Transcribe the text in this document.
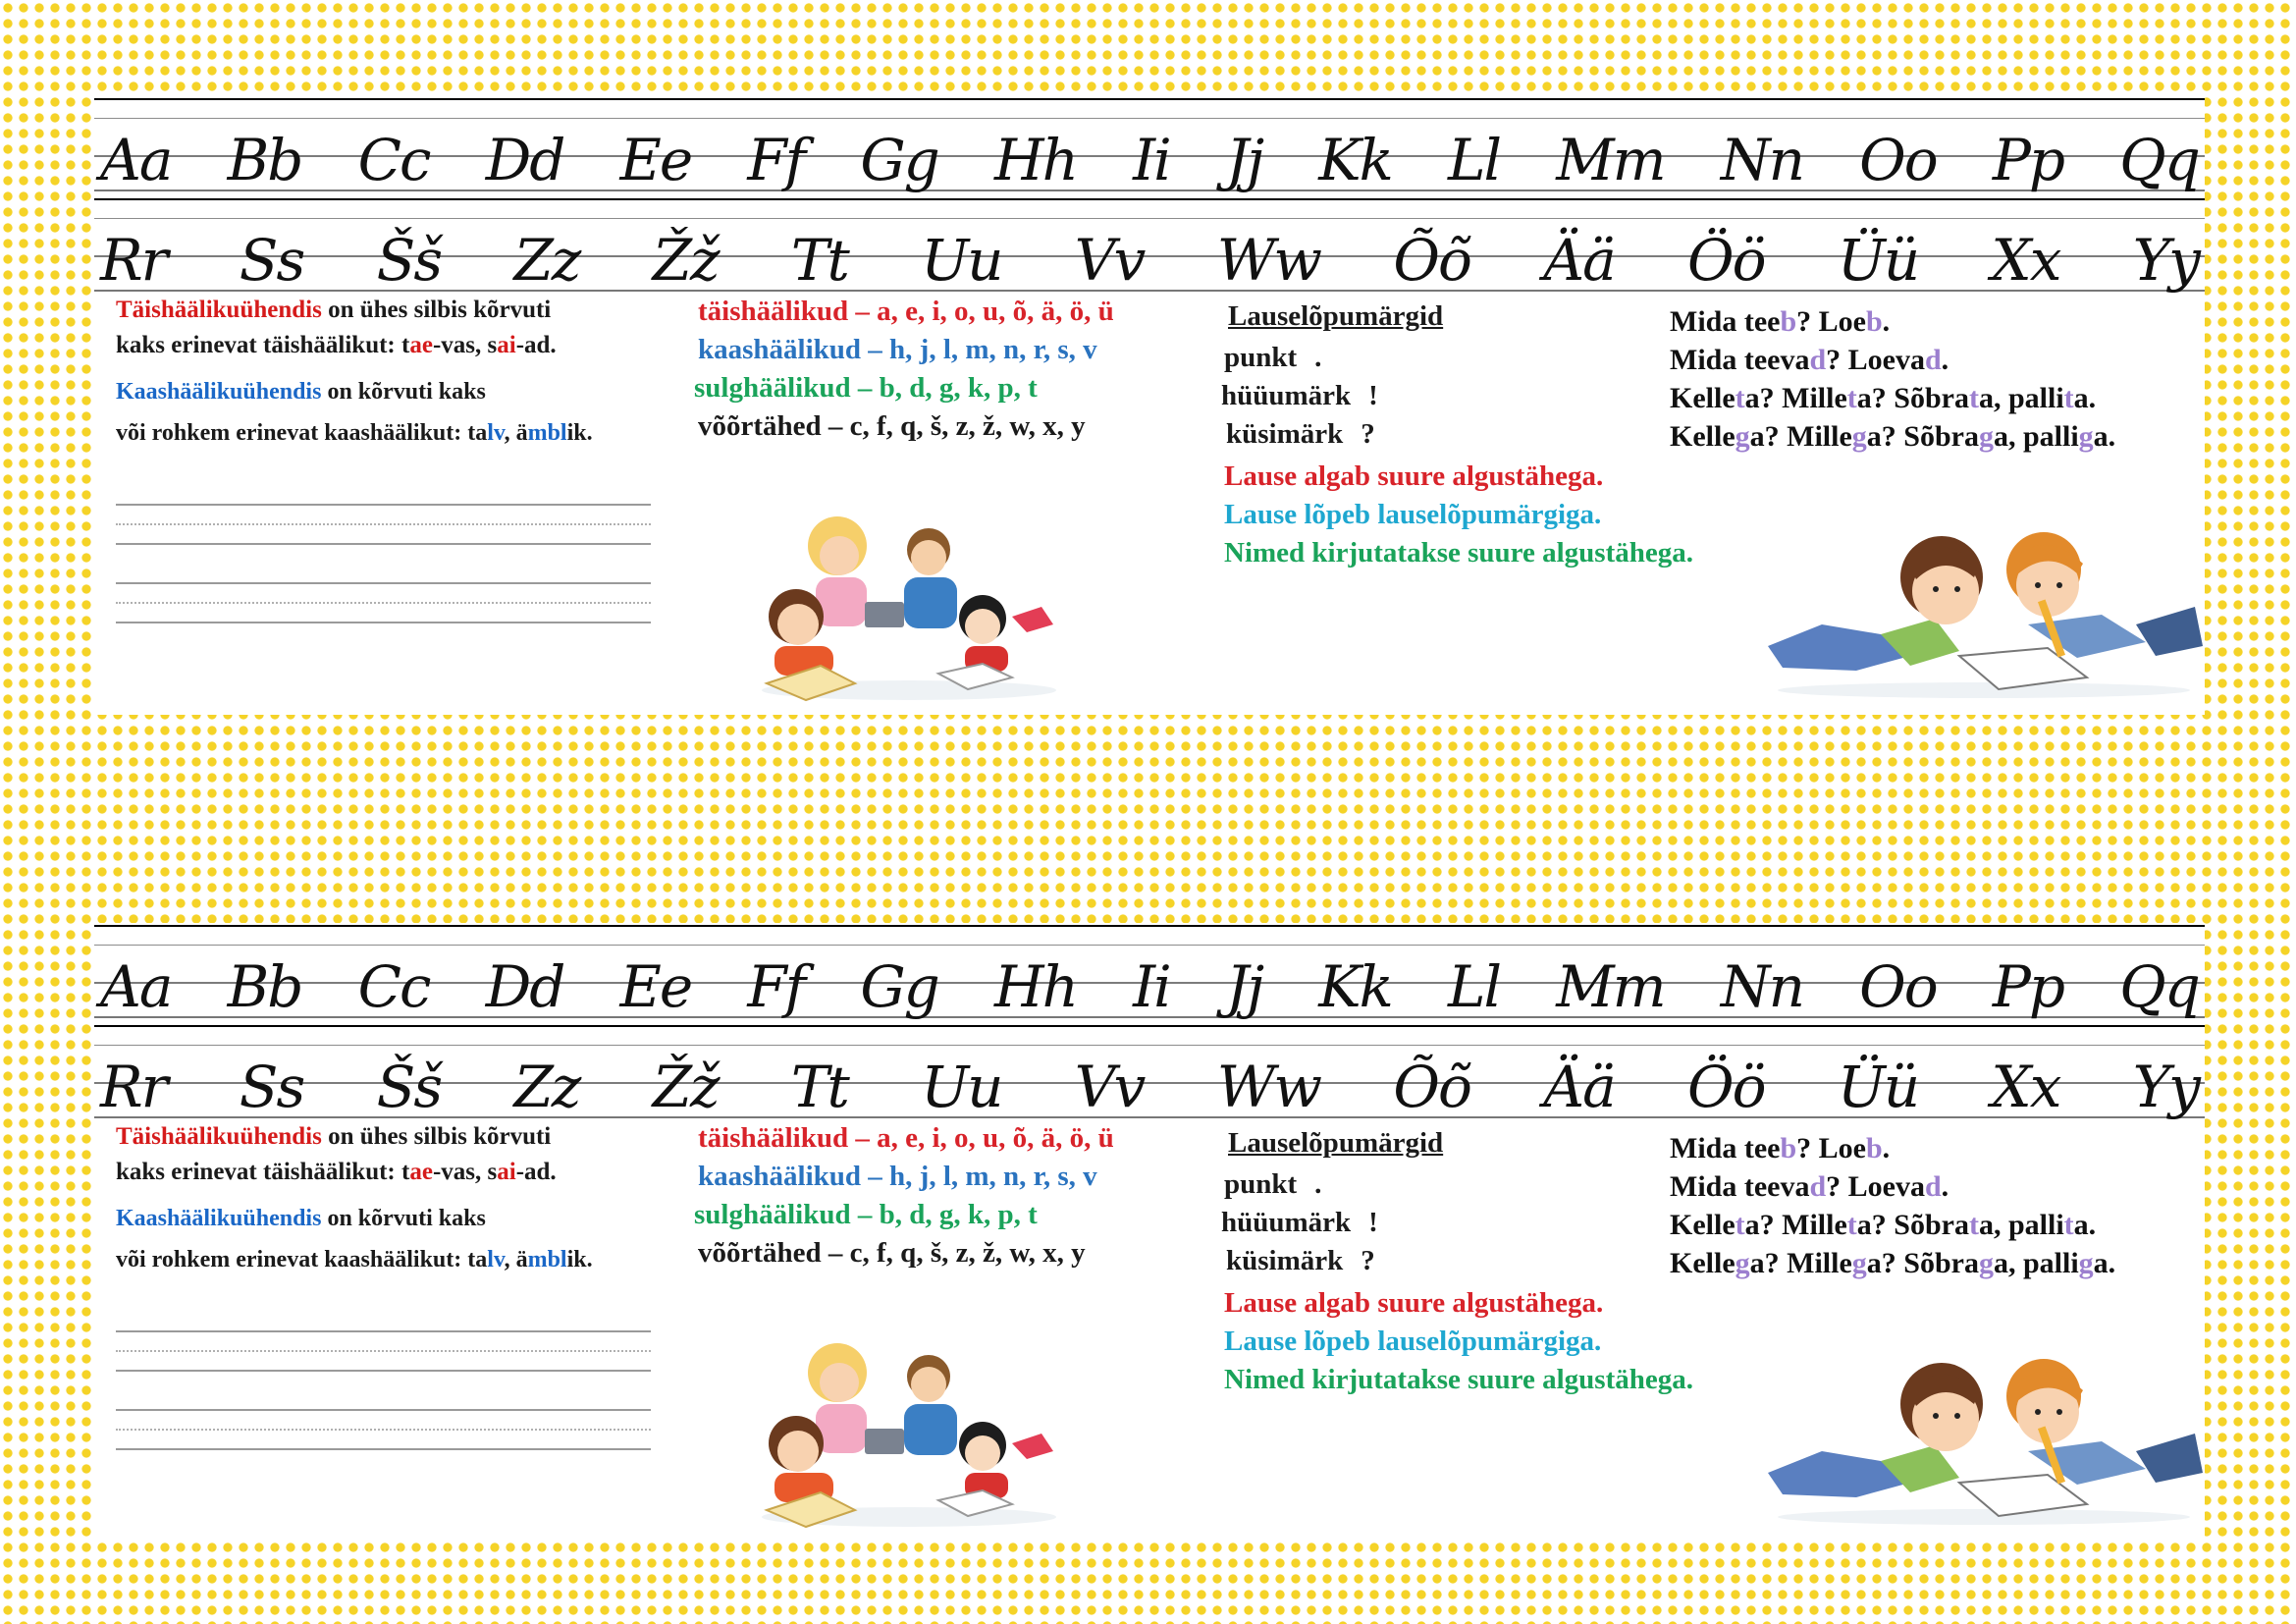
Aa Bb Cc Dd Ee Ff Gg Hh Ii Jj Kk Ll Mm Nn Oo Pp Qq
Rr Ss Šš Zz Žž Tt Uu Vv Ww Õõ Ää Öö Üü Xx Yy
Täishäälikuühendis on ühes silbis kõrvuti
kaks erinevat täishäälikut: tae-vas, sai-ad.
Kaashäälikuühendis on kõrvuti kaks
või rohkem erinevat kaashäälikut: talv, ämblik.
täishäälikud – a, e, i, o, u, õ, ä, ö, ü
kaashäälikud – h, j, l, m, n, r, s, v
sulghäälikud – b, d, g, k, p, t
võõrtähed – c, f, q, š, z, ž, w, x, y
Lauselõpumärgid
punkt .
hüüumärk !
küsimärk ?
Lause algab suure algustähega.
Lause lõpeb lauselõpumärgiga.
Nimed kirjutatakse suure algustähega.
Mida teeb? Loeb.
Mida teevad? Loevad.
Kelleta? Milleta? Sõbrata, pallita.
Kellega? Millega? Sõbraga, palliga.
Aa Bb Cc Dd Ee Ff Gg Hh Ii Jj Kk Ll Mm Nn Oo Pp Qq
Rr Ss Šš Zz Žž Tt Uu Vv Ww Õõ Ää Öö Üü Xx Yy
Täishäälikuühendis on ühes silbis kõrvuti
kaks erinevat täishäälikut: tae-vas, sai-ad.
Kaashäälikuühendis on kõrvuti kaks
või rohkem erinevat kaashäälikut: talv, ämblik.
täishäälikud – a, e, i, o, u, õ, ä, ö, ü
kaashäälikud – h, j, l, m, n, r, s, v
sulghäälikud – b, d, g, k, p, t
võõrtähed – c, f, q, š, z, ž, w, x, y
Lauselõpumärgid
punkt .
hüüumärk !
küsimärk ?
Lause algab suure algustähega.
Lause lõpeb lauselõpumärgiga.
Nimed kirjutatakse suure algustähega.
Mida teeb? Loeb.
Mida teevad? Loevad.
Kelleta? Milleta? Sõbrata, pallita.
Kellega? Millega? Sõbraga, palliga.
